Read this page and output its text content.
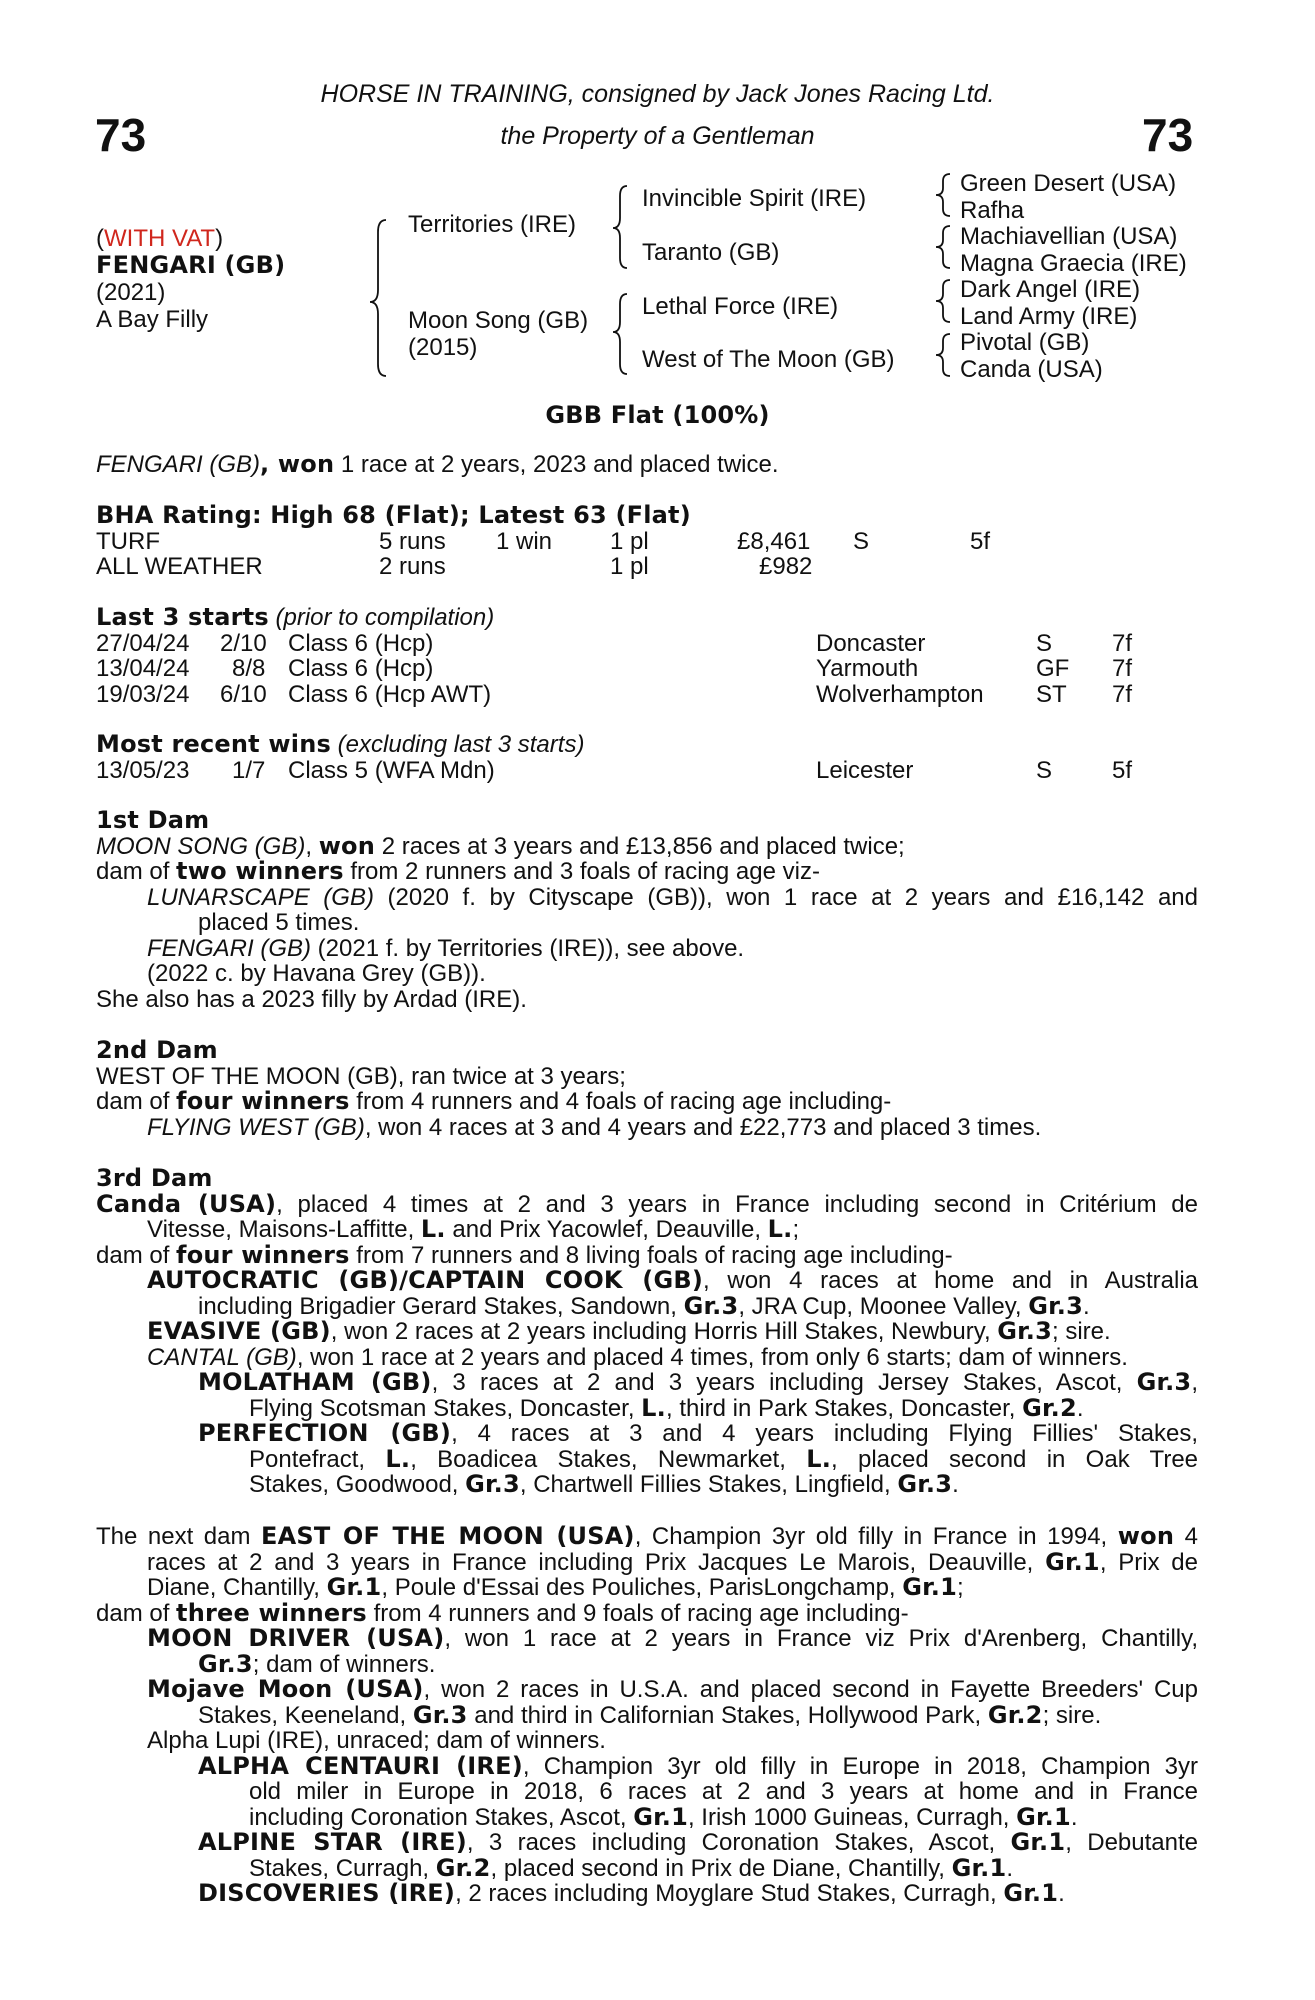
73	73
HORSE IN TRAINING, consigned by Jack Jones Racing Ltd.
the Property of a Gentleman
(WITH VAT)
FENGARI (GB)
(2021)
A Bay Filly
Territories (IRE)
Moon Song (GB)
(2015)
Invincible Spirit (IRE)
Taranto (GB)
Lethal Force (IRE)
West of The Moon (GB)
Green Desert (USA)
Rafha
Machiavellian (USA)
Magna Graecia (IRE)
Dark Angel (IRE)
Land Army (IRE)
Pivotal (GB)
Canda (USA)
GBB Flat (100%)
FENGARI (GB), won 1 race at 2 years, 2023 and placed twice.
BHA Rating: High 68 (Flat); Latest 63 (Flat)
TURF	5 runs 1 win 1 pl	£8,461 S	5f
ALL WEATHER	2 runs	1 pl	£982
Last 3 starts (prior to compilation)
27/04/24 2/10 Class 6 (Hcp)	Doncaster	S 7f
13/04/24 8/8 Class 6 (Hcp)	Yarmouth	GF 7f
19/03/24 6/10 Class 6 (Hcp AWT)	Wolverhampton ST 7f
Most recent wins (excluding last 3 starts)
13/05/23 1/7 Class 5 (WFA Mdn)	Leicester	S 5f
1st Dam
MOON SONG (GB), won 2 races at 3 years and £13,856 and placed twice;
dam of two winners from 2 runners and 3 foals of racing age viz-
LUNARSCAPE (GB) (2020 f. by Cityscape (GB)), won 1 race at 2 years and £16,142 and
placed 5 times.
FENGARI (GB) (2021 f. by Territories (IRE)), see above.
(2022 c. by Havana Grey (GB)).
She also has a 2023 filly by Ardad (IRE).
2nd Dam
WEST OF THE MOON (GB), ran twice at 3 years;
dam of four winners from 4 runners and 4 foals of racing age including-
FLYING WEST (GB), won 4 races at 3 and 4 years and £22,773 and placed 3 times.
3rd Dam
Canda (USA), placed 4 times at 2 and 3 years in France including second in Critérium de
Vitesse, Maisons-Laffitte, L. and Prix Yacowlef, Deauville, L.;
dam of four winners from 7 runners and 8 living foals of racing age including-
AUTOCRATIC (GB)/CAPTAIN COOK (GB), won 4 races at home and in Australia
including Brigadier Gerard Stakes, Sandown, Gr.3, JRA Cup, Moonee Valley, Gr.3.
EVASIVE (GB), won 2 races at 2 years including Horris Hill Stakes, Newbury, Gr.3; sire.
CANTAL (GB), won 1 race at 2 years and placed 4 times, from only 6 starts; dam of winners.
MOLATHAM (GB), 3 races at 2 and 3 years including Jersey Stakes, Ascot, Gr.3,
Flying Scotsman Stakes, Doncaster, L., third in Park Stakes, Doncaster, Gr.2.
PERFECTION (GB), 4 races at 3 and 4 years including Flying Fillies' Stakes,
Pontefract, L., Boadicea Stakes, Newmarket, L., placed second in Oak Tree
Stakes, Goodwood, Gr.3, Chartwell Fillies Stakes, Lingfield, Gr.3.
The next dam EAST OF THE MOON (USA), Champion 3yr old filly in France in 1994, won 4
races at 2 and 3 years in France including Prix Jacques Le Marois, Deauville, Gr.1, Prix de
Diane, Chantilly, Gr.1, Poule d'Essai des Pouliches, ParisLongchamp, Gr.1;
dam of three winners from 4 runners and 9 foals of racing age including-
MOON DRIVER (USA), won 1 race at 2 years in France viz Prix d'Arenberg, Chantilly,
Gr.3; dam of winners.
Mojave Moon (USA), won 2 races in U.S.A. and placed second in Fayette Breeders' Cup
Stakes, Keeneland, Gr.3 and third in Californian Stakes, Hollywood Park, Gr.2; sire.
Alpha Lupi (IRE), unraced; dam of winners.
ALPHA CENTAURI (IRE), Champion 3yr old filly in Europe in 2018, Champion 3yr
old miler in Europe in 2018, 6 races at 2 and 3 years at home and in France
including Coronation Stakes, Ascot, Gr.1, Irish 1000 Guineas, Curragh, Gr.1.
ALPINE STAR (IRE), 3 races including Coronation Stakes, Ascot, Gr.1, Debutante
Stakes, Curragh, Gr.2, placed second in Prix de Diane, Chantilly, Gr.1.
DISCOVERIES (IRE), 2 races including Moyglare Stud Stakes, Curragh, Gr.1.
